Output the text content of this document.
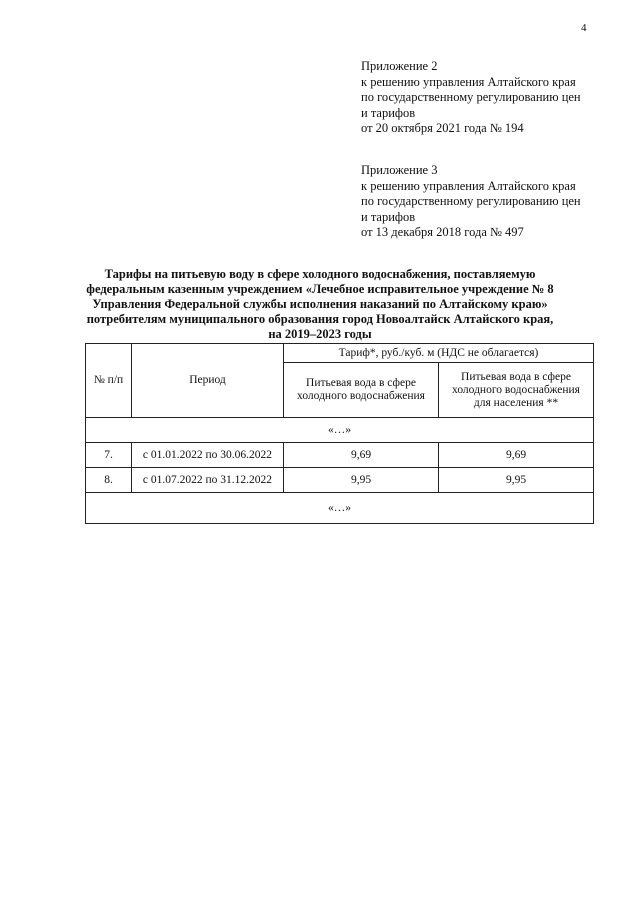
4
Приложение 2
к решению управления Алтайского края
по государственному регулированию цен
и тарифов
от 20 октября 2021 года № 194
Приложение 3
к решению управления Алтайского края
по государственному регулированию цен
и тарифов
от 13 декабря 2018 года № 497
Тарифы на питьевую воду в сфере холодного водоснабжения, поставляемую
федеральным казенным учреждением «Лечебное исправительное учреждение № 8
Управления Федеральной службы исполнения наказаний по Алтайскому краю»
потребителям муниципального образования город Новоалтайск Алтайского края,
на 2019–2023 годы
№ п/п	Период	Тариф*, руб./куб. м (НДС не облагается)	
		Питьевая вода в сфере холодного водоснабжения	Питьевая вода в сфере холодного водоснабжения для населения **
«…»			
7.	с 01.01.2022 по 30.06.2022	9,69	9,69
8.	с 01.07.2022 по 31.12.2022	9,95	9,95
«…»			
